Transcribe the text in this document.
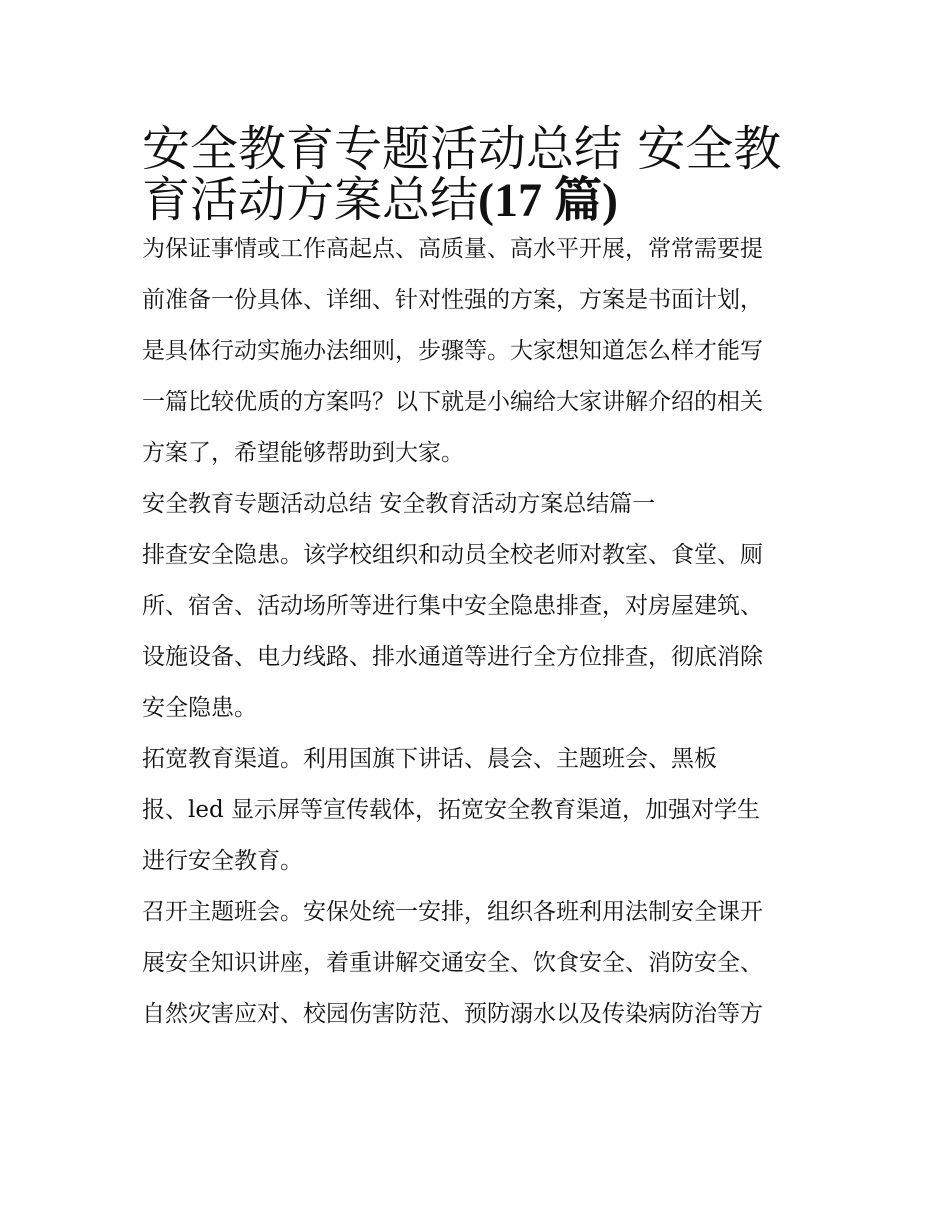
安全教育专题活动总结 安全教
育活动方案总结(17 篇)

为保证事情或工作高起点、高质量、高水平开展，常常需要提
前准备一份具体、详细、针对性强的方案，方案是书面计划，
是具体行动实施办法细则，步骤等。大家想知道怎么样才能写
一篇比较优质的方案吗？以下就是小编给大家讲解介绍的相关
方案了，希望能够帮助到大家。

安全教育专题活动总结 安全教育活动方案总结篇一

排查安全隐患。该学校组织和动员全校老师对教室、食堂、厕
所、宿舍、活动场所等进行集中安全隐患排查，对房屋建筑、
设施设备、电力线路、排水通道等进行全方位排查，彻底消除
安全隐患。

拓宽教育渠道。利用国旗下讲话、晨会、主题班会、黑板
报、led 显示屏等宣传载体，拓宽安全教育渠道，加强对学生
进行安全教育。

召开主题班会。安保处统一安排，组织各班利用法制安全课开
展安全知识讲座，着重讲解交通安全、饮食安全、消防安全、
自然灾害应对、校园伤害防范、预防溺水以及传染病防治等方
